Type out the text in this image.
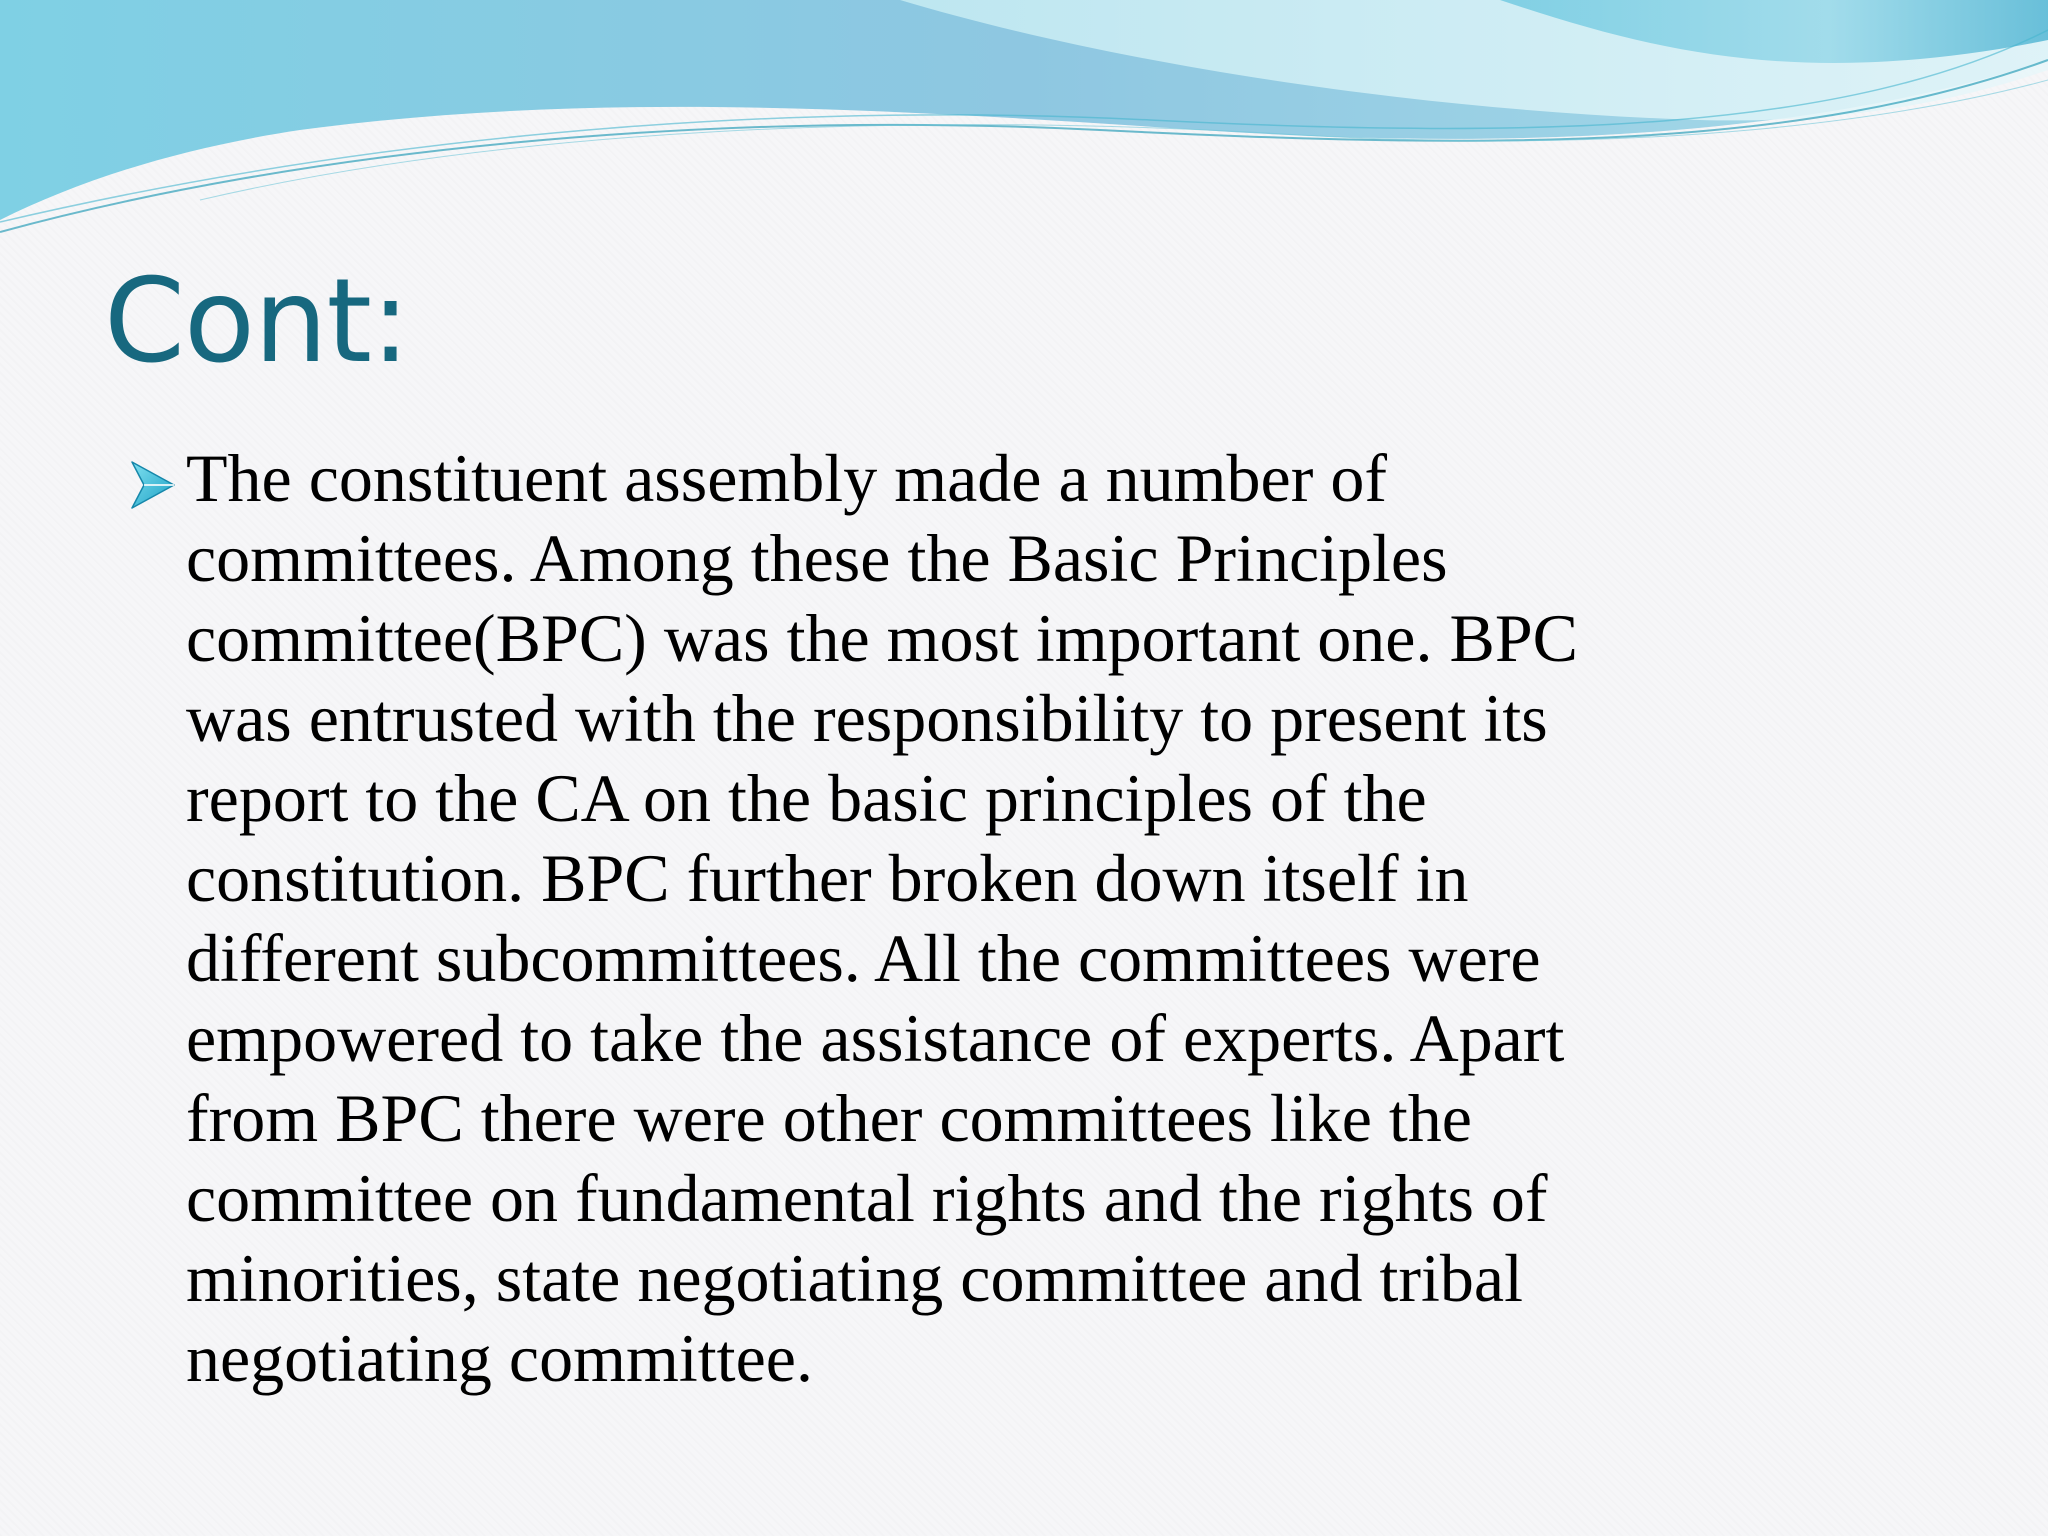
Cont:

The constituent assembly made a number of
committees. Among these the Basic Principles
committee(BPC) was the most important one. BPC
was entrusted with the responsibility to present its
report to the CA on the basic principles of the
constitution. BPC further broken down itself in
different subcommittees. All the committees were
empowered to take the assistance of experts. Apart
from BPC there were other committees like the
committee on fundamental rights and the rights of
minorities, state negotiating committee and tribal
negotiating committee.
